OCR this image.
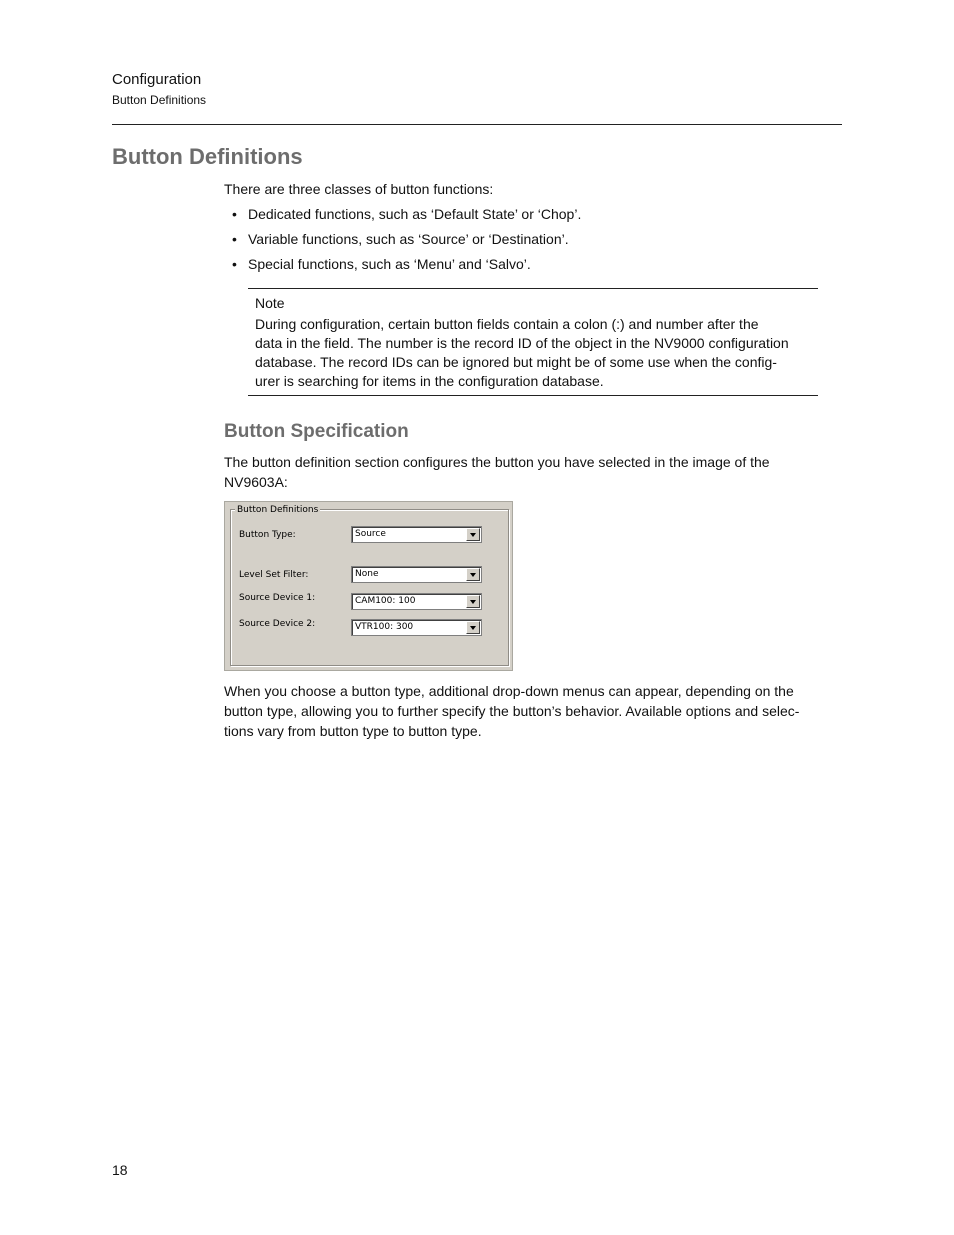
Configuration
Button Definitions
Button Definitions

There are three classes of button functions:

• Dedicated functions, such as ‘Default State’ or ‘Chop’.
• Variable functions, such as ‘Source’ or ‘Destination’.
• Special functions, such as ‘Menu’ and ‘Salvo’.
Note
During configuration, certain button fields contain a colon (:) and number after the
data in the field. The number is the record ID of the object in the NV9000 configuration
database. The record IDs can be ignored but might be of some use when the config-
urer is searching for items in the configuration database.
Button Specification

The button definition section configures the button you have selected in the image of the
NV9603A:

Button Definitions
Button Type:	Source
Level Set Filter:	None
Source Device 1:	CAM100: 100
Source Device 2:	VTR100: 300

When you choose a button type, additional drop-down menus can appear, depending on the
button type, allowing you to further specify the button’s behavior. Available options and selec-
tions vary from button type to button type.

18
